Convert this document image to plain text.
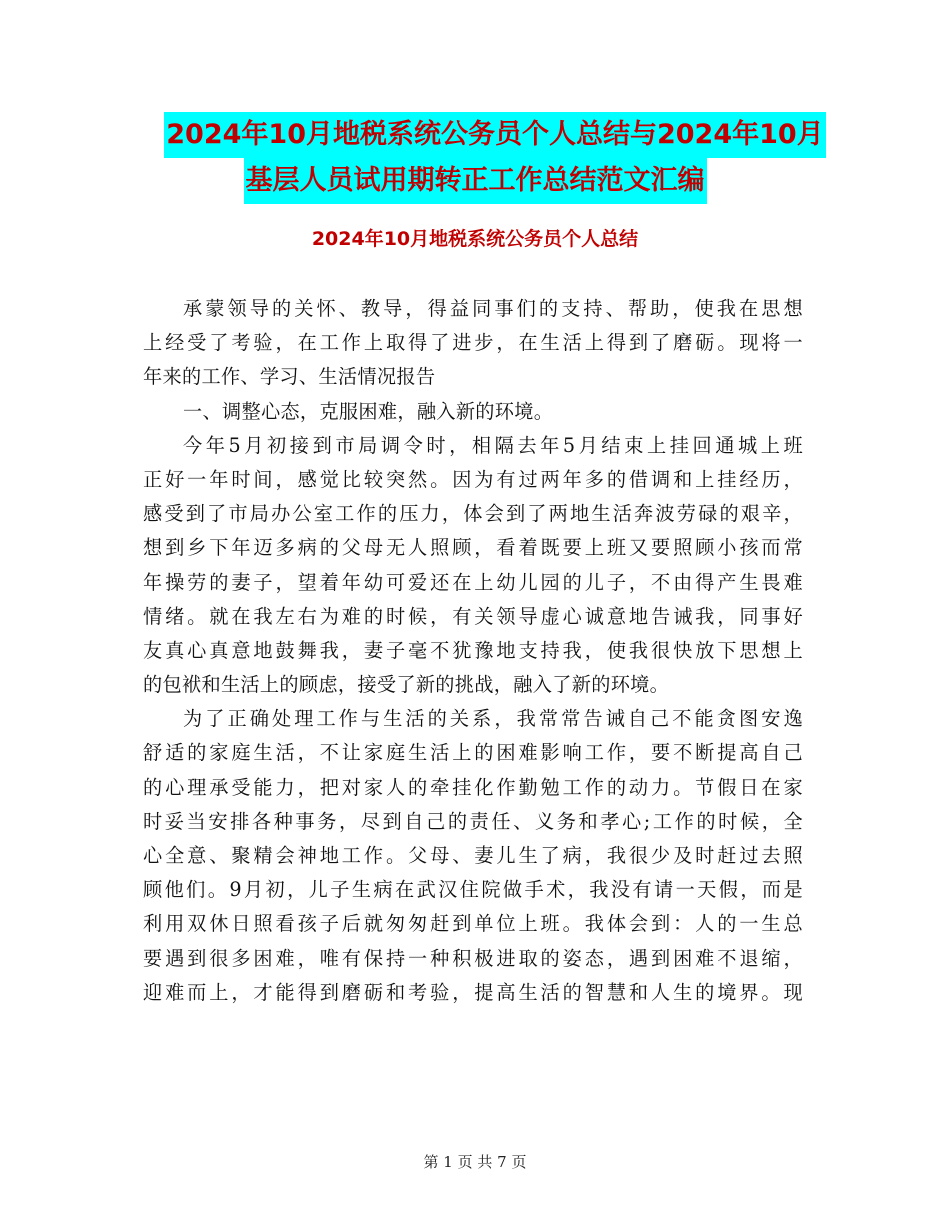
2024年10月地税系统公务员个人总结与2024年10月
基层人员试用期转正工作总结范文汇编
2024年10月地税系统公务员个人总结
承蒙领导的关怀、教导，得益同事们的支持、帮助，使我在思想
上经受了考验，在工作上取得了进步，在生活上得到了磨砺。现将一
年来的工作、学习、生活情况报告
一、调整心态，克服困难，融入新的环境。
今年5月初接到市局调令时，相隔去年5月结束上挂回通城上班
正好一年时间，感觉比较突然。因为有过两年多的借调和上挂经历，
感受到了市局办公室工作的压力，体会到了两地生活奔波劳碌的艰辛，
想到乡下年迈多病的父母无人照顾，看着既要上班又要照顾小孩而常
年操劳的妻子，望着年幼可爱还在上幼儿园的儿子，不由得产生畏难
情绪。就在我左右为难的时候，有关领导虚心诚意地告诫我，同事好
友真心真意地鼓舞我，妻子毫不犹豫地支持我，使我很快放下思想上
的包袱和生活上的顾虑，接受了新的挑战，融入了新的环境。
为了正确处理工作与生活的关系，我常常告诫自己不能贪图安逸
舒适的家庭生活，不让家庭生活上的困难影响工作，要不断提高自己
的心理承受能力，把对家人的牵挂化作勤勉工作的动力。节假日在家
时妥当安排各种事务，尽到自己的责任、义务和孝心;工作的时候，全
心全意、聚精会神地工作。父母、妻儿生了病，我很少及时赶过去照
顾他们。9月初，儿子生病在武汉住院做手术，我没有请一天假，而是
利用双休日照看孩子后就匆匆赶到单位上班。我体会到：人的一生总
要遇到很多困难，唯有保持一种积极进取的姿态，遇到困难不退缩，
迎难而上，才能得到磨砺和考验，提高生活的智慧和人生的境界。现
第 1 页 共 7 页
